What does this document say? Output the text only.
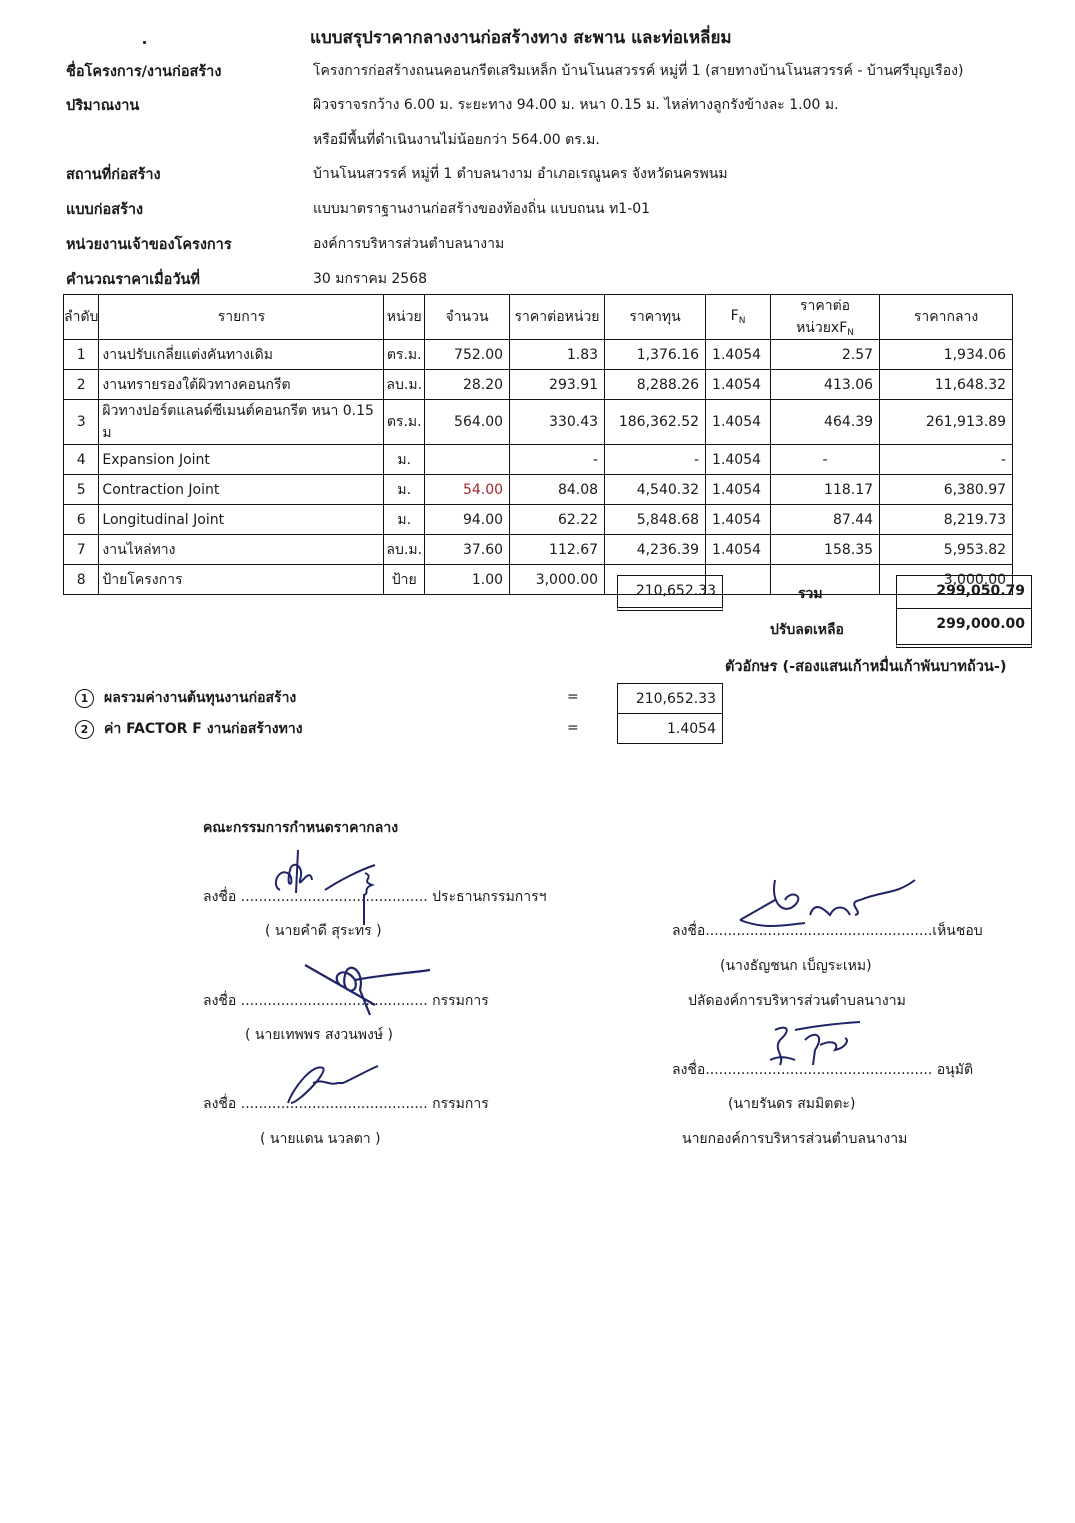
แบบสรุปราคากลางงานก่อสร้างทาง สะพาน และท่อเหลี่ยม
ชื่อโครงการ/งานก่อสร้าง	โครงการก่อสร้างถนนคอนกรีตเสริมเหล็ก บ้านโนนสวรรค์ หมู่ที่ 1 (สายทางบ้านโนนสวรรค์ - บ้านศรีบุญเรือง)
ปริมาณงาน	ผิวจราจรกว้าง 6.00 ม. ระยะทาง 94.00 ม. หนา 0.15 ม. ไหล่ทางลูกรังข้างละ 1.00 ม.
หรือมีพื้นที่ดำเนินงานไม่น้อยกว่า 564.00 ตร.ม.
สถานที่ก่อสร้าง	บ้านโนนสวรรค์ หมู่ที่ 1 ตำบลนางาม อำเภอเรณูนคร จังหวัดนครพนม
แบบก่อสร้าง	แบบมาตราฐานงานก่อสร้างของท้องถิ่น แบบถนน ท1-01
หน่วยงานเจ้าของโครงการ	องค์การบริหารส่วนตำบลนางาม
คำนวณราคาเมื่อวันที่	30 มกราคม 2568
ลำดับ	รายการ	หน่วย	จำนวน	ราคาต่อหน่วย	ราคาทุน	$F_N$	ราคาต่อหน่วย$xF_N$	ราคากลาง
1	งานปรับเกลี่ยแต่งคันทางเดิม	ตร.ม.	752.00	1.83	1,376.16	1.4054	2.57	1,934.06
2	งานทรายรองใต้ผิวทางคอนกรีต	ลบ.ม.	28.20	293.91	8,288.26	1.4054	413.06	11,648.32
3	ผิวทางปอร์ตแลนด์ซีเมนต์คอนกรีต หนา 0.15 ม	ตร.ม.	564.00	330.43	186,362.52	1.4054	464.39	261,913.89
4	Expansion Joint	ม.		-	-	1.4054	-	-
5	Contraction Joint	ม.	54.00	84.08	4,540.32	1.4054	118.17	6,380.97
6	Longitudinal Joint	ม.	94.00	62.22	5,848.68	1.4054	87.44	8,219.73
7	งานไหล่ทาง	ลบ.ม.	37.60	112.67	4,236.39	1.4054	158.35	5,953.82
8	ป้ายโครงการ	ป้าย	1.00	3,000.00				3,000.00
210,652.33	รวม	299,050.79
ปรับลดเหลือ	299,000.00
ตัวอักษร (-สองแสนเก้าหมื่นเก้าพันบาทถ้วน-)
1 ผลรวมค่างานต้นทุนงานก่อสร้าง	=	210,652.33
2 ค่า FACTOR F งานก่อสร้างทาง	=	1.4054
คณะกรรมการกำหนดราคากลาง
ลงชื่อ .......................................... ประธานกรรมการฯ
( นายคำดี สุระทร )
ลงชื่อ .......................................... กรรมการ
( นายเทพพร สงวนพงษ์ )
ลงชื่อ .......................................... กรรมการ
( นายแดน นวลตา )
ลงชื่อ...................................................เห็นชอบ
(นางธัญชนก เบ็ญระเหม)
ปลัดองค์การบริหารส่วนตำบลนางาม
ลงชื่อ................................................... อนุมัติ
(นายรันดร สมมิตตะ)
นายกองค์การบริหารส่วนตำบลนางาม
